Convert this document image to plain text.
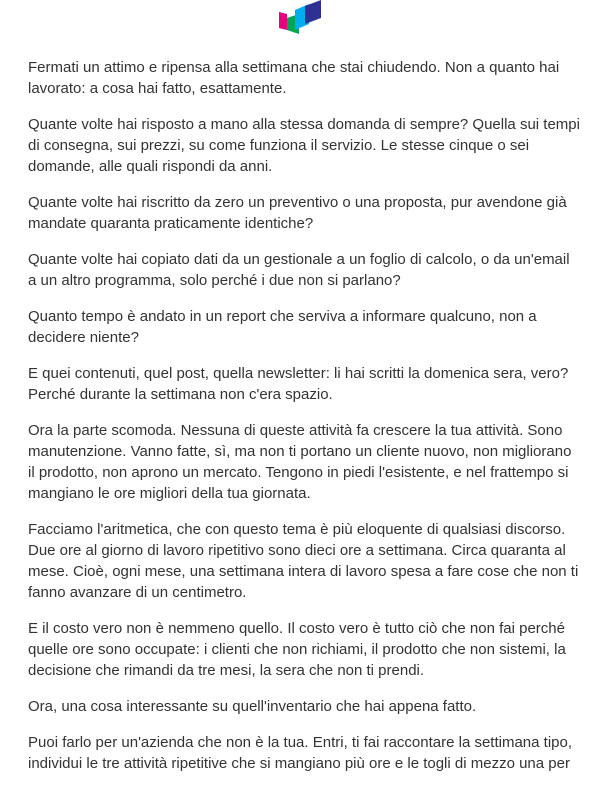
Fermati un attimo e ripensa alla settimana che stai chiudendo. Non a quanto hai lavorato: a cosa hai fatto, esattamente.

Quante volte hai risposto a mano alla stessa domanda di sempre? Quella sui tempi di consegna, sui prezzi, su come funziona il servizio. Le stesse cinque o sei domande, alle quali rispondi da anni.

Quante volte hai riscritto da zero un preventivo o una proposta, pur avendone già mandate quaranta praticamente identiche?

Quante volte hai copiato dati da un gestionale a un foglio di calcolo, o da un'email a un altro programma, solo perché i due non si parlano?

Quanto tempo è andato in un report che serviva a informare qualcuno, non a decidere niente?

E quei contenuti, quel post, quella newsletter: li hai scritti la domenica sera, vero? Perché durante la settimana non c'era spazio.

Ora la parte scomoda. Nessuna di queste attività fa crescere la tua attività. Sono manutenzione. Vanno fatte, sì, ma non ti portano un cliente nuovo, non migliorano il prodotto, non aprono un mercato. Tengono in piedi l'esistente, e nel frattempo si mangiano le ore migliori della tua giornata.

Facciamo l'aritmetica, che con questo tema è più eloquente di qualsiasi discorso. Due ore al giorno di lavoro ripetitivo sono dieci ore a settimana. Circa quaranta al mese. Cioè, ogni mese, una settimana intera di lavoro spesa a fare cose che non ti fanno avanzare di un centimetro.

E il costo vero non è nemmeno quello. Il costo vero è tutto ciò che non fai perché quelle ore sono occupate: i clienti che non richiami, il prodotto che non sistemi, la decisione che rimandi da tre mesi, la sera che non ti prendi.

Ora, una cosa interessante su quell'inventario che hai appena fatto.

Puoi farlo per un'azienda che non è la tua. Entri, ti fai raccontare la settimana tipo, individui le tre attività ripetitive che si mangiano più ore e le togli di mezzo una per
